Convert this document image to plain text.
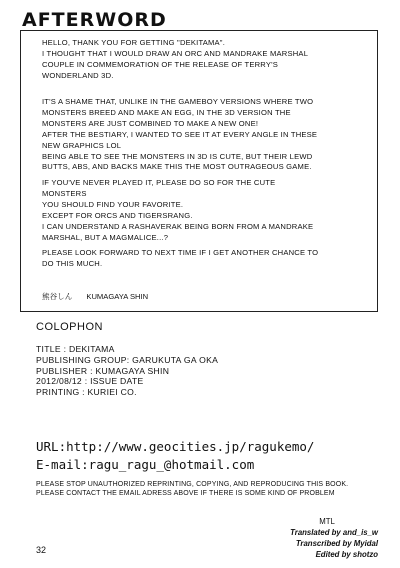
AFTERWORD
HELLO, THANK YOU FOR GETTING "DEKITAMA".
I THOUGHT THAT I WOULD DRAW AN ORC AND MANDRAKE MARSHAL
COUPLE IN COMMEMORATION OF THE RELEASE OF TERRY'S
WONDERLAND 3D.
IT'S A SHAME THAT, UNLIKE IN THE GAMEBOY VERSIONS WHERE TWO
MONSTERS BREED AND MAKE AN EGG, IN THE 3D VERSION THE
MONSTERS ARE JUST COMBINED TO MAKE A NEW ONE!
AFTER THE BESTIARY, I WANTED TO SEE IT AT EVERY ANGLE IN THESE
NEW GRAPHICS LOL
BEING ABLE TO SEE THE MONSTERS IN 3D IS CUTE, BUT THEIR LEWD
BUTTS, ABS, AND BACKS MAKE THIS THE MOST OUTRAGEOUS GAME.
IF YOU'VE NEVER PLAYED IT, PLEASE DO SO FOR THE CUTE
MONSTERS
YOU SHOULD FIND YOUR FAVORITE.
EXCEPT FOR ORCS AND TIGERSRANG.
I CAN UNDERSTAND A RASHAVERAK BEING BORN FROM A MANDRAKE
MARSHAL, BUT A MAGMALICE...?
PLEASE LOOK FORWARD TO NEXT TIME IF I GET ANOTHER CHANCE TO
DO THIS MUCH.
熊谷しん KUMAGAYA SHIN
COLOPHON
TITLE : DEKITAMA
PUBLISHING GROUP: GARUKUTA GA OKA
PUBLISHER : KUMAGAYA SHIN
2012/08/12 : ISSUE DATE
PRINTING : KURIEI CO.
URL:http://www.geocities.jp/ragukemo/
E-mail:ragu_ragu_@hotmail.com
PLEASE STOP UNAUTHORIZED REPRINTING, COPYING, AND REPRODUCING THIS BOOK.
PLEASE CONTACT THE EMAIL ADRESS ABOVE IF THERE IS SOME KIND OF PROBLEM
MTL
Translated by and_is_w
Transcribed by Myidal
Edited by shotzo
32
